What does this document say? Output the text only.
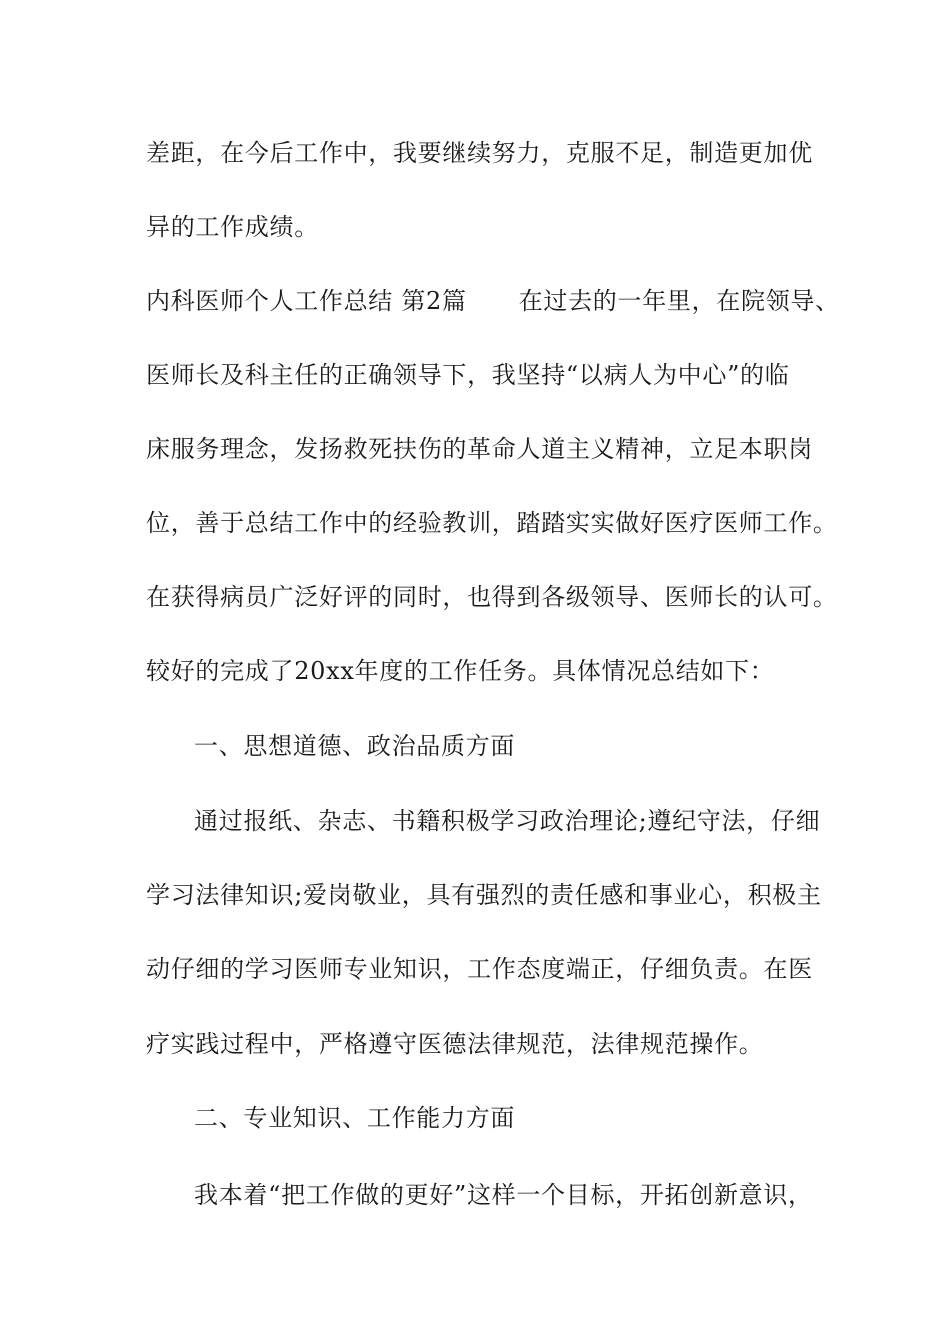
差距，在今后工作中，我要继续努力，克服不足，制造更加优
异的工作成绩。
内科医师个人工作总结 第2篇 在过去的一年里，在院领导、
医师长及科主任的正确领导下，我坚持“以病人为中心”的临
床服务理念，发扬救死扶伤的革命人道主义精神，立足本职岗
位，善于总结工作中的经验教训，踏踏实实做好医疗医师工作。
在获得病员广泛好评的同时，也得到各级领导、医师长的认可。
较好的完成了20xx年度的工作任务。具体情况总结如下：
一、思想道德、政治品质方面
通过报纸、杂志、书籍积极学习政治理论;遵纪守法，仔细
学习法律知识;爱岗敬业，具有强烈的责任感和事业心，积极主
动仔细的学习医师专业知识，工作态度端正，仔细负责。在医
疗实践过程中，严格遵守医德法律规范，法律规范操作。
二、专业知识、工作能力方面
我本着“把工作做的更好”这样一个目标，开拓创新意识，
